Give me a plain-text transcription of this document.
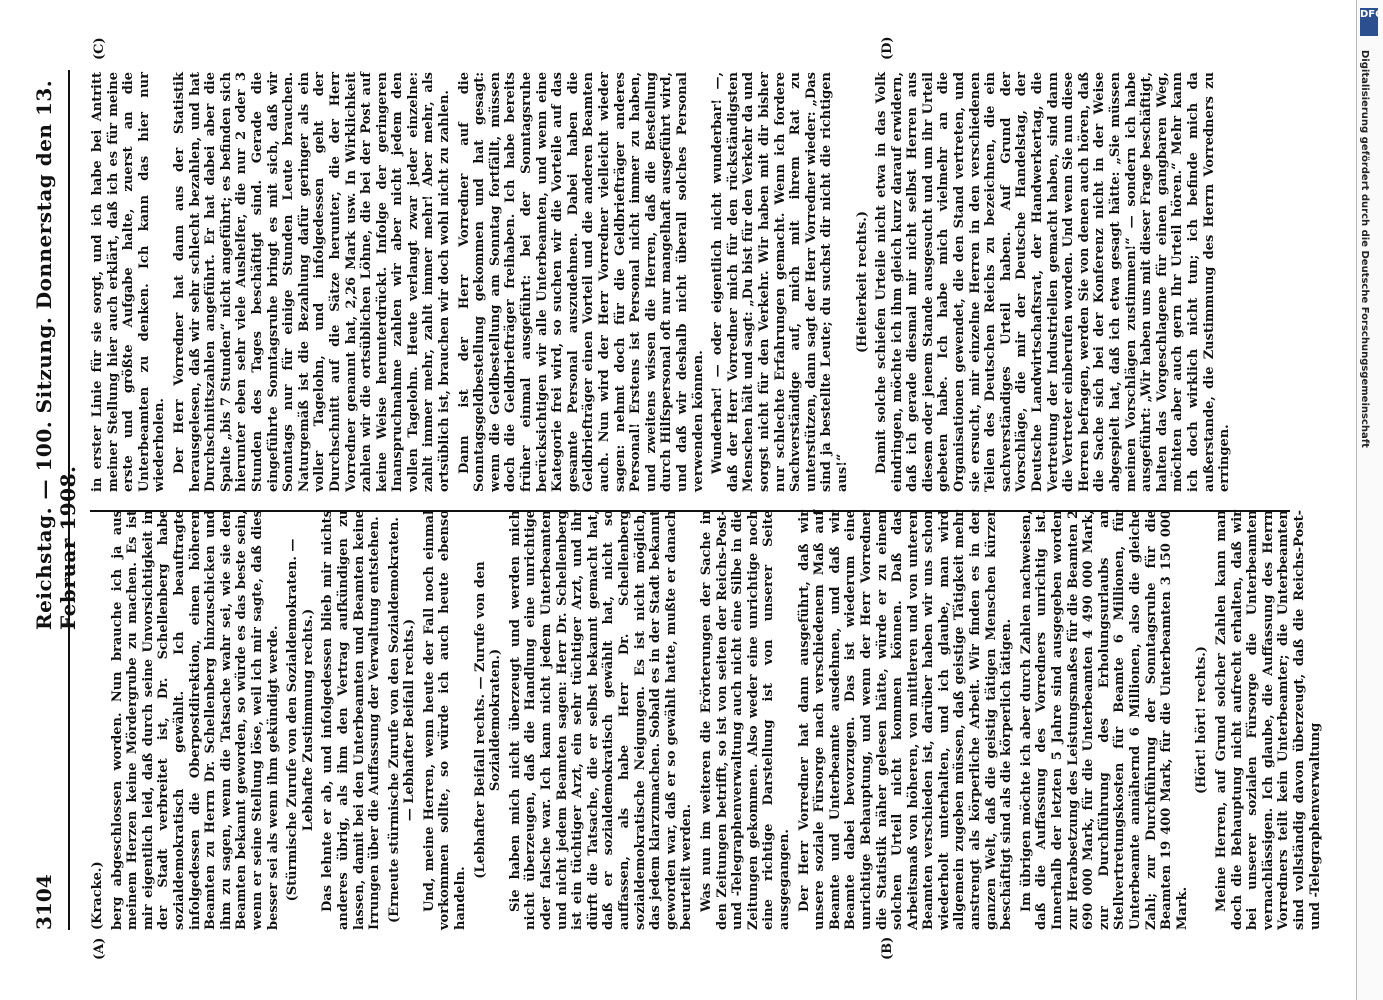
3104
Reichstag. — 100. Sitzung. Donnerstag den 13. Februar 1908.
(A)	(B)
(C)	(D)

(Kracke.) berg abgeschlossen worden. Nun brauche ich ja aus meinem Herzen keine Mördergrube zu machen. Es ist mir eigentlich leid, daß durch seine Unvorsichtigkeit in der Stadt verbreitet ist, Dr. Schellenberg habe sozialdemokratisch gewählt. Ich beauftragte infolgedessen die Oberpostdirektion, einen höheren Beamten zu Herrn Dr. Schellenberg hinzuschicken und ihm zu sagen, wenn die Tatsache wahr sei, wie sie den Beamten bekannt geworden, so würde es das beste sein, wenn er seine Stellung löse, weil ich mir sagte, daß dies besser sei als wenn ihm gekündigt werde. (Stürmische Zurufe von den Sozialdemokraten. — Lebhafte Zustimmung rechts.) Das lehnte er ab, und infolgedessen blieb mir nichts anderes übrig, als ihm den Vertrag aufkündigen zu lassen, damit bei den Unterbeamten und Beamten keine Irrungen über die Auffassung der Verwaltung entstehen. (Erneute stürmische Zurufe von den Sozialdemokraten. — Lebhafter Beifall rechts.) Und, meine Herren, wenn heute der Fall noch einmal vorkommen sollte, so würde ich auch heute ebenso handeln.

(Lebhafter Beifall rechts. — Zurufe von den Sozialdemokraten.) Sie haben mich nicht überzeugt und werden mich nicht überzeugen, daß die Handlung eine unrichtige oder falsche war. Ich kann nicht jedem Unterbeamten und nicht jedem Beamten sagen: Herr Dr. Schellenberg ist ein tüchtiger Arzt, ein sehr tüchtiger Arzt, und ihr dürft die Tatsache, die er selbst bekannt gemacht hat, daß er sozialdemokratisch gewählt hat, nicht so auffassen, als habe Herr Dr. Schellenberg sozialdemokratische Neigungen. Es ist nicht möglich, das jedem klarzumachen. Sobald es in der Stadt bekannt geworden war, daß er so gewählt hatte, mußte er danach beurteilt werden. Was nun im weiteren die Erörterungen der Sache in den Zeitungen betrifft, so ist von seiten der Reichs-Post- und -Telegraphenverwaltung auch nicht eine Silbe in die Zeitungen gekommen. Also weder eine unrichtige noch eine richtige Darstellung ist von unserer Seite ausgegangen. Der Herr Vorredner hat dann ausgeführt, daß wir unsere soziale Fürsorge nach verschiedenem Maß auf Beamte und Unterbeamte ausdehnen, und daß wir Beamte dabei bevorzugen. Das ist wiederum eine unrichtige Behauptung, und wenn der Herr Vorredner die Statistik näher gelesen hätte, würde er zu einem solchen Urteil nicht kommen können. Daß das Arbeitsmaß von höheren, von mittleren und von unteren Beamten verschieden ist, darüber haben wir uns schon wiederholt unterhalten, und ich glaube, man wird allgemein zugeben müssen, daß geistige Tätigkeit mehr anstrengt als körperliche Arbeit. Wir finden es in der ganzen Welt, daß die geistig tätigen Menschen kürzer beschäftigt sind als die körperlich tätigen. Im übrigen möchte ich aber durch Zahlen nachweisen, daß die Auffassung des Vorredners unrichtig ist. Innerhalb der letzten 5 Jahre sind ausgegeben worden zur Herabsetzung des Leistungsmaßes für die Beamten 2 690 000 Mark, für die Unterbeamten 4 490 000 Mark, zur Durchführung des Erholungsurlaubs an Stellvertretungskosten für Beamte 6 Millionen, für Unterbeamte annähernd 6 Millionen, also die gleiche Zahl; zur Durchführung der Sonntagsruhe für die Beamten 19 400 Mark, für die Unterbeamten 3 150 000 Mark.

(Hört! hört! rechts.) Meine Herren, auf Grund solcher Zahlen kann man doch die Behauptung nicht aufrecht erhalten, daß wir bei unserer sozialen Fürsorge die Unterbeamten vernachlässigen. Ich glaube, die Auffassung des Herrn Vorredners teilt kein Unterbeamter; die Unterbeamten sind vollständig davon überzeugt, daß die Reichs-Post- und -Telegraphenverwaltung

in erster Linie für sie sorgt, und ich habe bei Antritt meiner Stellung hier auch erklärt, daß ich es für meine erste und größte Aufgabe halte, zuerst an die Unterbeamten zu denken. Ich kann das hier nur wiederholen. Der Herr Vorredner hat dann aus der Statistik herausgelesen, daß wir sehr schlecht bezahlen, und hat Durchschnittszahlen angeführt. Er hat dabei aber die Spalte „bis 7 Stunden“ nicht angeführt; es befinden sich hierunter eben sehr viele Aushelfer, die nur 2 oder 3 Stunden des Tages beschäftigt sind. Gerade die eingeführte Sonntagsruhe bringt es mit sich, daß wir Sonntags nur für einige Stunden Leute brauchen. Naturgemäß ist die Bezahlung dafür geringer als ein voller Tagelohn, und infolgedessen geht der Durchschnitt auf die Sätze herunter, die der Herr Vorredner genannt hat, 2,26 Mark usw. In Wirklichkeit zahlen wir die ortsüblichen Löhne, die bei der Post auf keine Weise herunterdrückt. Infolge der geringeren Inanspruchnahme zahlen wir aber nicht jedem den vollen Tagelohn. Heute verlangt zwar jeder einzelne: zahlt immer mehr, zahlt immer mehr! Aber mehr, als ortsüblich ist, brauchen wir doch wohl nicht zu zahlen. Dann ist der Herr Vorredner auf die Sonntagsgeldbestellung gekommen und hat gesagt: wenn die Geldbestellung am Sonntag fortfällt, müssen doch die Geldbriefträger freihaben. Ich habe bereits früher einmal ausgeführt: bei der Sonntagsruhe berücksichtigen wir alle Unterbeamten, und wenn eine Kategorie frei wird, so suchen wir die Vorteile auf das gesamte Personal auszudehnen. Dabei haben die Geldbriefträger einen Vorteil und die anderen Beamten auch. Nun wird der Herr Vorredner vielleicht wieder sagen: nehmt doch für die Geldbriefträger anderes Personal! Erstens ist Personal nicht immer zu haben, und zweitens wissen die Herren, daß die Bestellung durch Hilfspersonal oft nur mangelhaft ausgeführt wird, und daß wir deshalb nicht überall solches Personal verwenden können. Wunderbar! — oder eigentlich nicht wunderbar! —, daß der Herr Vorredner mich für den rückständigsten Menschen hält und sagt: „Du bist für den Verkehr da und sorgst nicht für den Verkehr. Wir haben mit dir bisher nur schlechte Erfahrungen gemacht. Wenn ich fordere Sachverständige auf, mich mit ihrem Rat zu unterstützen, dann sagt der Herr Vorredner wieder: „Das sind ja bestellte Leute; du suchst dir nicht die richtigen aus!“

(Heiterkeit rechts.) Damit solche schiefen Urteile nicht etwa in das Volk eindringen, möchte ich ihm gleich kurz darauf erwidern, daß ich gerade diesmal mir nicht selbst Herren aus diesem oder jenem Stande ausgesucht und um ihr Urteil gebeten habe. Ich habe mich vielmehr an die Organisationen gewendet, die den Stand vertreten, und sie ersucht, mir einzelne Herren in den verschiedenen Teilen des Deutschen Reichs zu bezeichnen, die ein sachverständiges Urteil haben. Auf Grund der Vorschläge, die mir der Deutsche Handelstag, der Deutsche Landwirtschaftsrat, der Handwerkertag, die Vertretung der Industriellen gemacht haben, sind dann die Vertreter einberufen worden. Und wenn Sie nun diese Herren befragen, werden Sie von denen auch hören, daß die Sache sich bei der Konferenz nicht in der Weise abgespielt hat, daß ich etwa gesagt hätte: „Sie müssen meinen Vorschlägen zustimmen!“ — sondern ich habe ausgeführt: „Wir haben uns mit dieser Frage beschäftigt, halten das Vorgeschlagene für einen gangbaren Weg, möchten aber auch gern Ihr Urteil hören.“ Mehr kann ich doch wirklich nicht tun; ich befinde mich da außerstande, die Zustimmung des Herrn Vorredners zu erringen.

DFG
Digitalisierung gefördert durch die Deutsche Forschungsgemeinschaft
